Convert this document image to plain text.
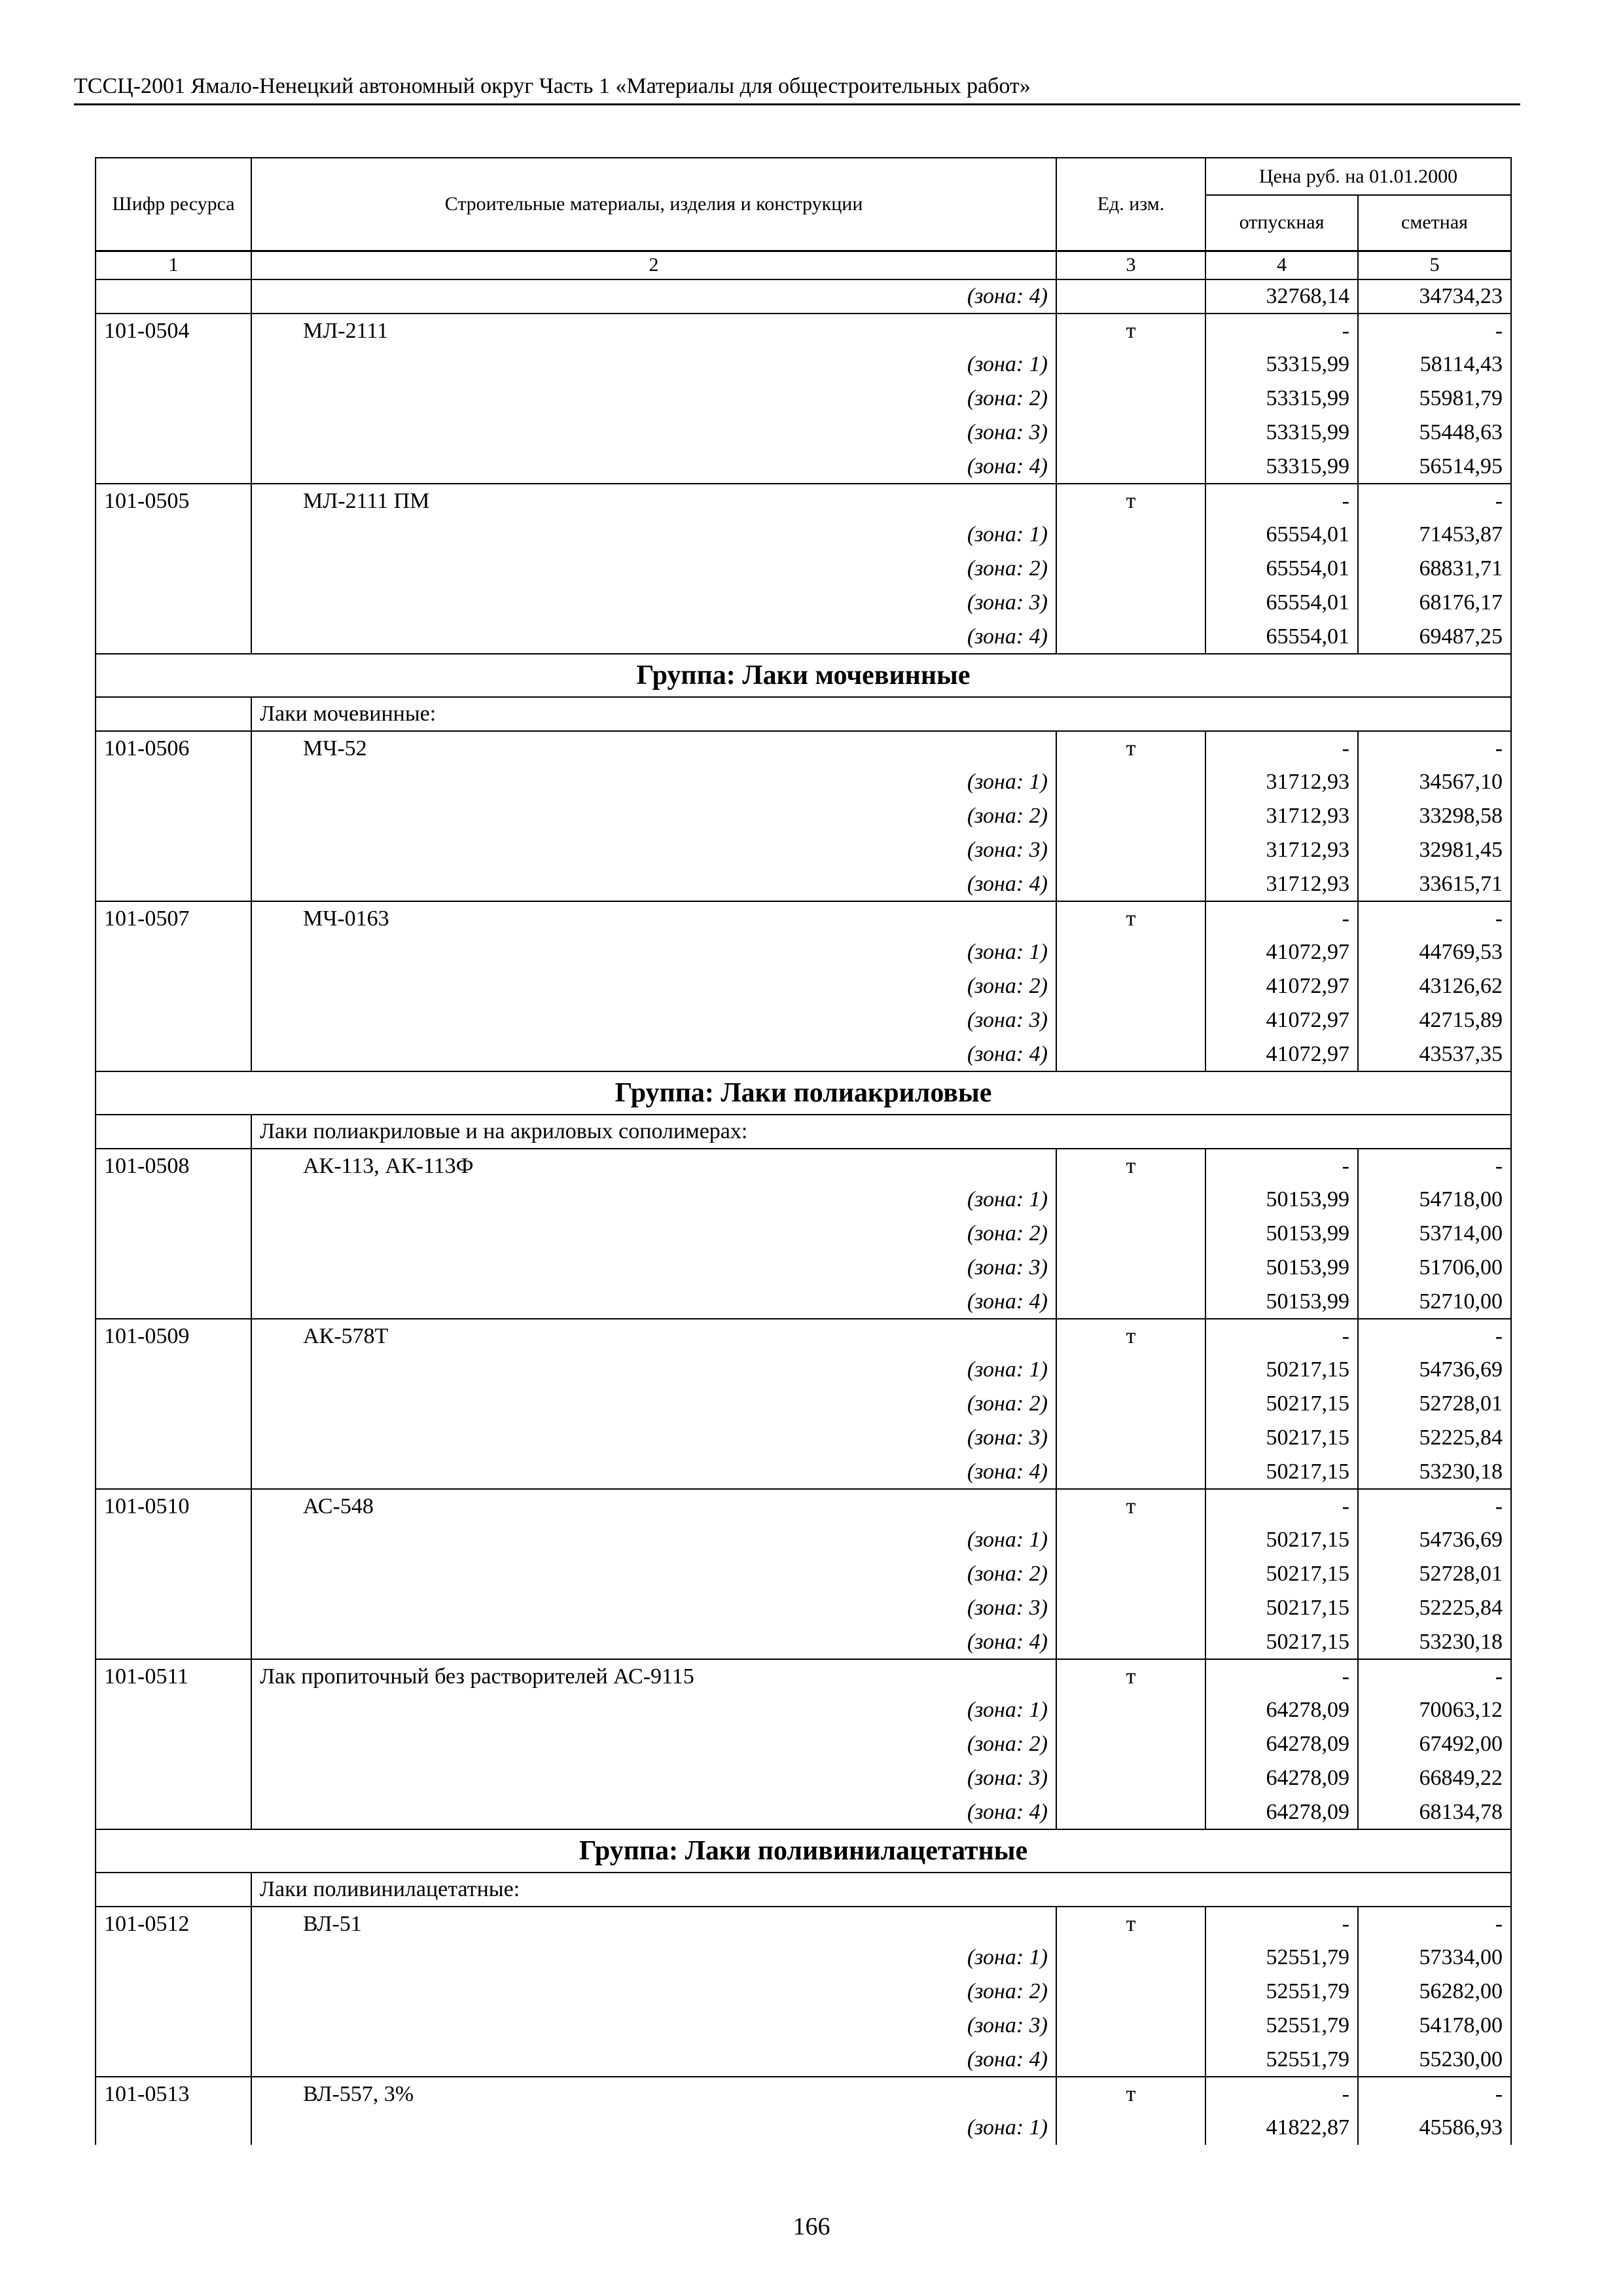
ТССЦ-2001 Ямало-Ненецкий автономный округ Часть 1 «Материалы для общестроительных работ»
Шифр ресурса	Строительные материалы, изделия и конструкции	Ед. изм.	Цена руб. на 01.01.2000	
			отпускная	сметная
1	2	3	4	5
	(зона: 4)		32768,14	34734,23
101-0504	МЛ-2111	т	-	-
	(зона: 1)		53315,99	58114,43
	(зона: 2)		53315,99	55981,79
	(зона: 3)		53315,99	55448,63
	(зона: 4)		53315,99	56514,95
101-0505	МЛ-2111 ПМ	т	-	-
	(зона: 1)		65554,01	71453,87
	(зона: 2)		65554,01	68831,71
	(зона: 3)		65554,01	68176,17
	(зона: 4)		65554,01	69487,25
Группа: Лаки мочевинные				
	Лаки мочевинные:			
101-0506	МЧ-52	т	-	-
	(зона: 1)		31712,93	34567,10
	(зона: 2)		31712,93	33298,58
	(зона: 3)		31712,93	32981,45
	(зона: 4)		31712,93	33615,71
101-0507	МЧ-0163	т	-	-
	(зона: 1)		41072,97	44769,53
	(зона: 2)		41072,97	43126,62
	(зона: 3)		41072,97	42715,89
	(зона: 4)		41072,97	43537,35
Группа: Лаки полиакриловые				
	Лаки полиакриловые и на акриловых сополимерах:			
101-0508	АК-113, АК-113Ф	т	-	-
	(зона: 1)		50153,99	54718,00
	(зона: 2)		50153,99	53714,00
	(зона: 3)		50153,99	51706,00
	(зона: 4)		50153,99	52710,00
101-0509	АК-578Т	т	-	-
	(зона: 1)		50217,15	54736,69
	(зона: 2)		50217,15	52728,01
	(зона: 3)		50217,15	52225,84
	(зона: 4)		50217,15	53230,18
101-0510	АС-548	т	-	-
	(зона: 1)		50217,15	54736,69
	(зона: 2)		50217,15	52728,01
	(зона: 3)		50217,15	52225,84
	(зона: 4)		50217,15	53230,18
101-0511	Лак пропиточный без растворителей АС-9115	т	-	-
	(зона: 1)		64278,09	70063,12
	(зона: 2)		64278,09	67492,00
	(зона: 3)		64278,09	66849,22
	(зона: 4)		64278,09	68134,78
Группа: Лаки поливинилацетатные				
	Лаки поливинилацетатные:			
101-0512	ВЛ-51	т	-	-
	(зона: 1)		52551,79	57334,00
	(зона: 2)		52551,79	56282,00
	(зона: 3)		52551,79	54178,00
	(зона: 4)		52551,79	55230,00
101-0513	ВЛ-557, 3%	т	-	-
	(зона: 1)		41822,87	45586,93
166
